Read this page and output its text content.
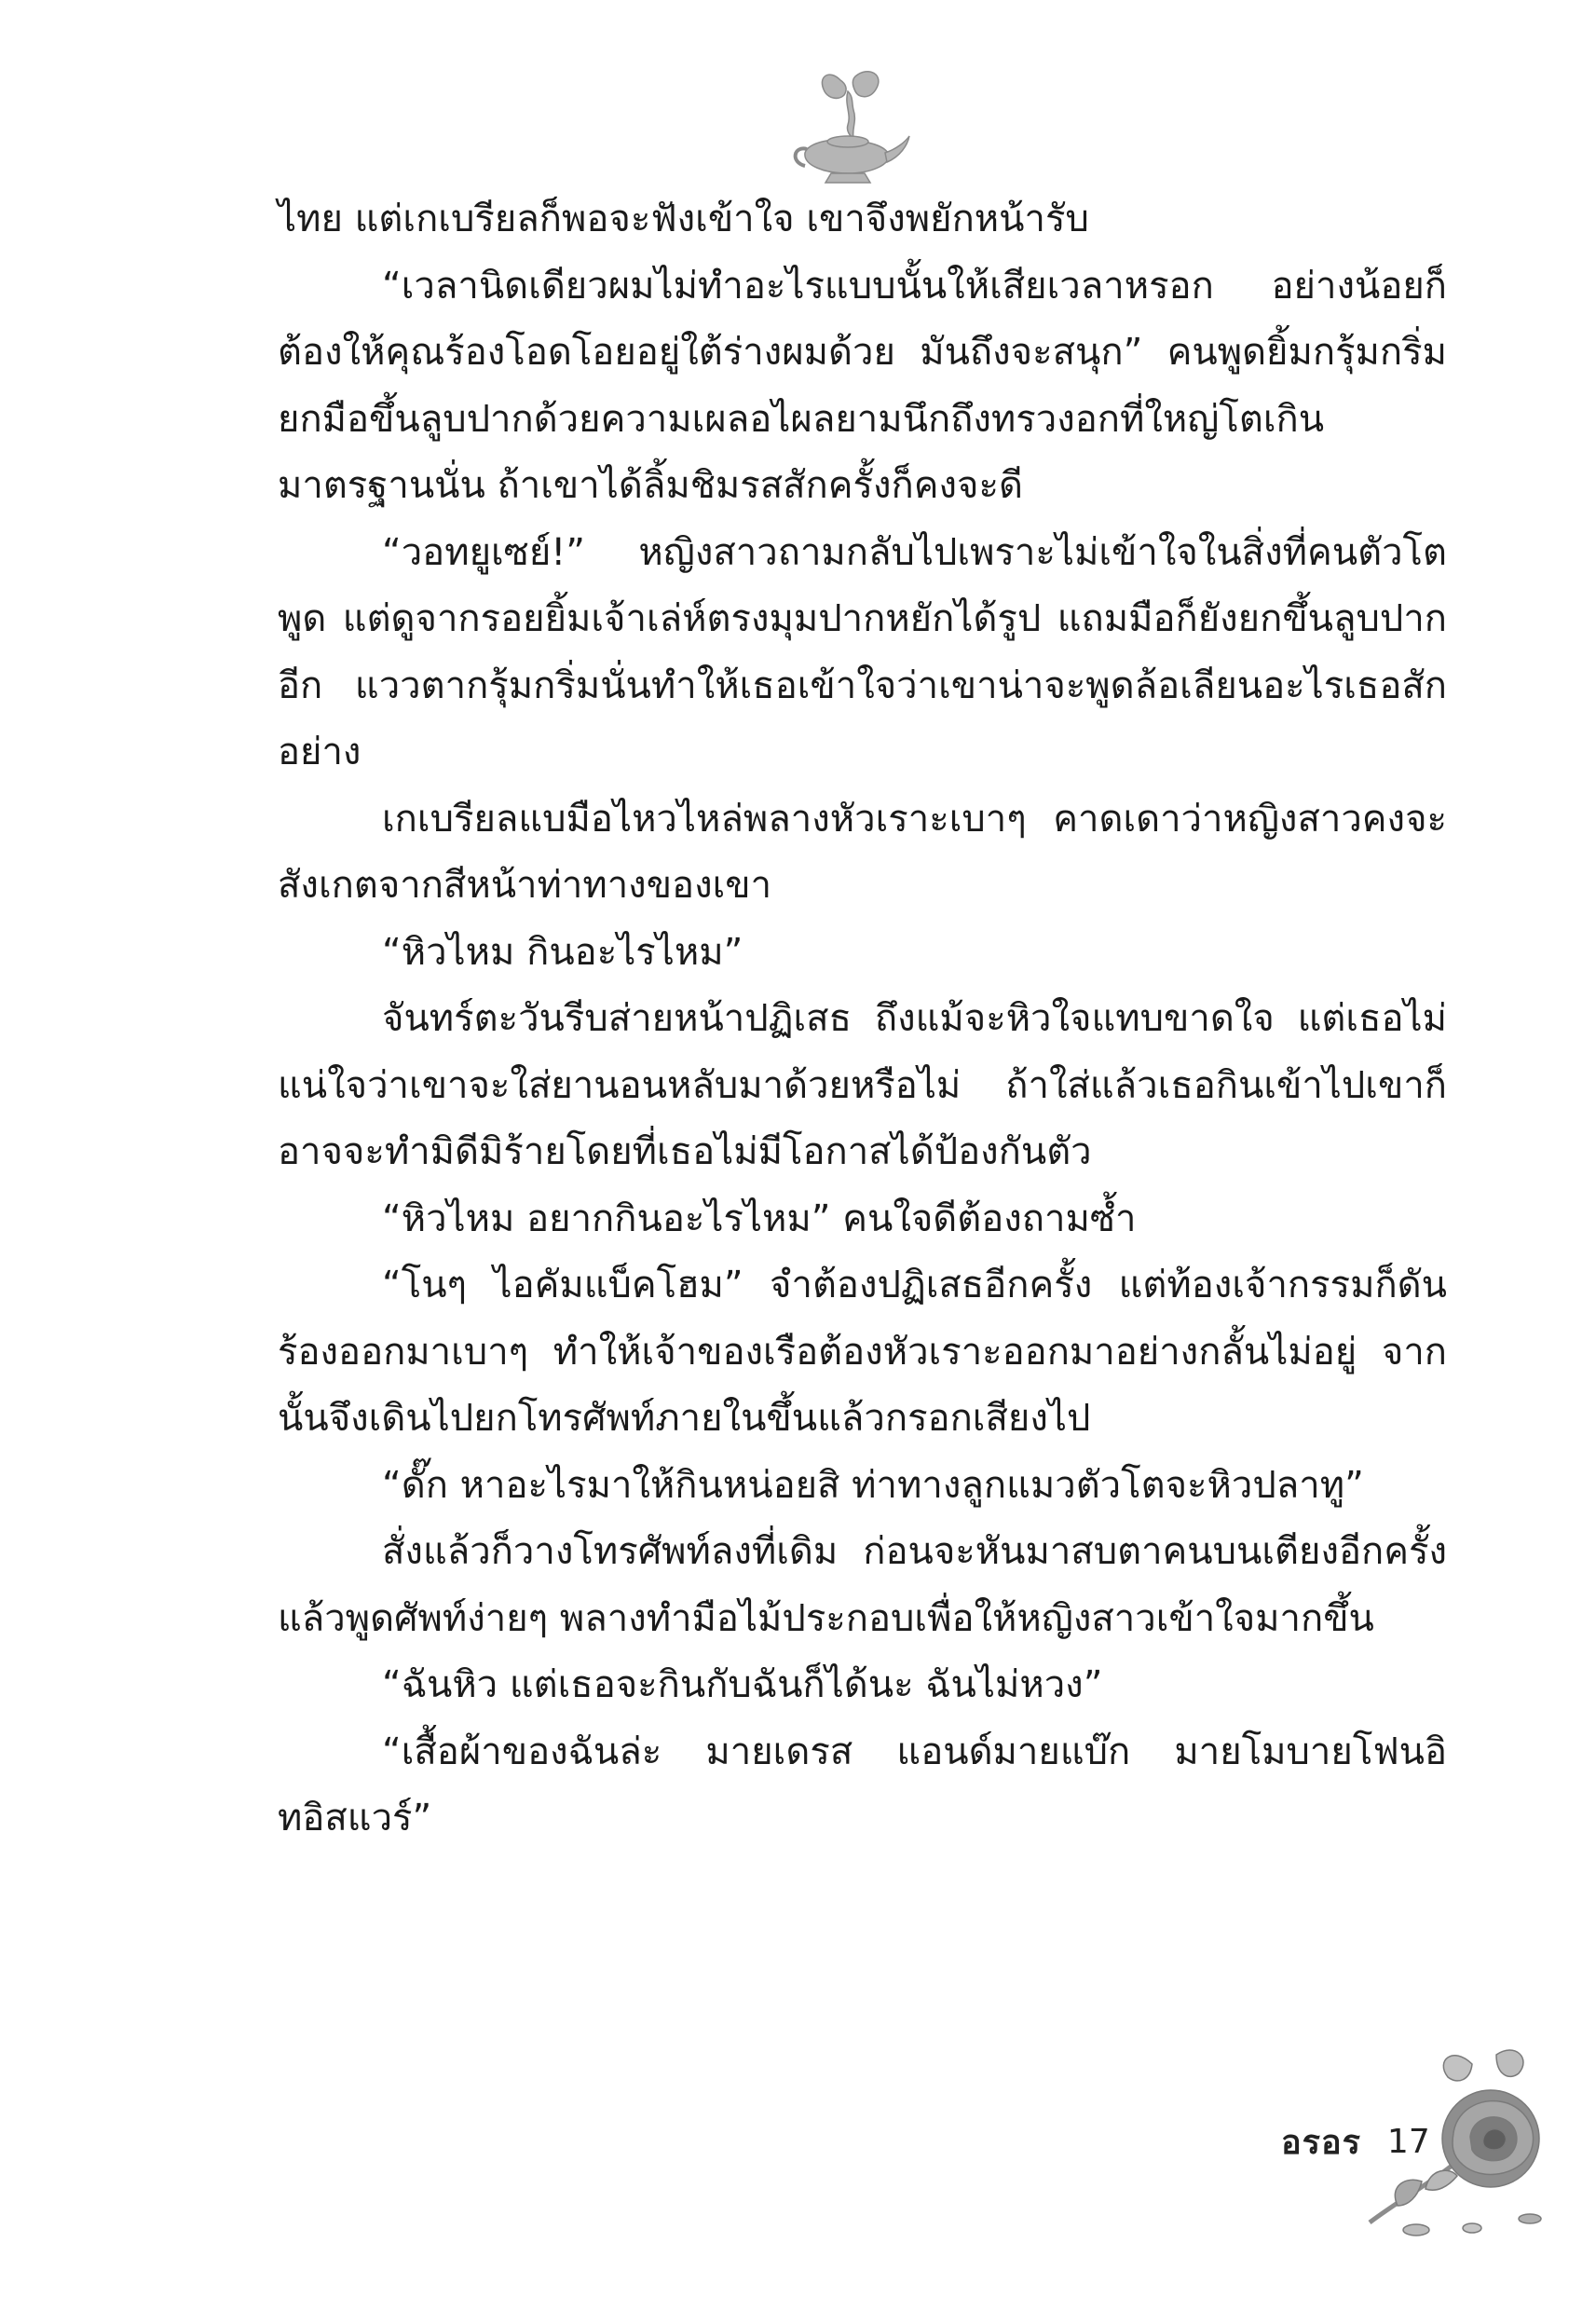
ไทย แต่เกเบรียลก็พอจะฟังเข้าใจ เขาจึงพยักหน้ารับ

“เวลานิดเดียวผมไม่ทำอะไรแบบนั้นให้เสียเวลาหรอก อย่างน้อยก็ต้องให้คุณร้องโอดโอยอยู่ใต้ร่างผมด้วย มันถึงจะสนุก” คนพูดยิ้มกรุ้มกริ่ม ยกมือขึ้นลูบปากด้วยความเผลอไผลยามนึกถึงทรวงอกที่ใหญ่โตเกินมาตรฐานนั่น ถ้าเขาได้ลิ้มชิมรสสักครั้งก็คงจะดี

“วอทยูเซย์!” หญิงสาวถามกลับไปเพราะไม่เข้าใจในสิ่งที่คนตัวโตพูด แต่ดูจากรอยยิ้มเจ้าเล่ห์ตรงมุมปากหยักได้รูป แถมมือก็ยังยกขึ้นลูบปากอีก แววตากรุ้มกริ่มนั่นทำให้เธอเข้าใจว่าเขาน่าจะพูดล้อเลียนอะไรเธอสักอย่าง

เกเบรียลแบมือไหวไหล่พลางหัวเราะเบาๆ คาดเดาว่าหญิงสาวคงจะสังเกตจากสีหน้าท่าทางของเขา

“หิวไหม กินอะไรไหม”

จันทร์ตะวันรีบส่ายหน้าปฏิเสธ ถึงแม้จะหิวใจแทบขาดใจ แต่เธอไม่แน่ใจว่าเขาจะใส่ยานอนหลับมาด้วยหรือไม่ ถ้าใส่แล้วเธอกินเข้าไปเขาก็อาจจะทำมิดีมิร้ายโดยที่เธอไม่มีโอกาสได้ป้องกันตัว

“หิวไหม อยากกินอะไรไหม” คนใจดีต้องถามซ้ำ

“โนๆ ไอคัมแบ็คโฮม” จำต้องปฏิเสธอีกครั้ง แต่ท้องเจ้ากรรมก็ดันร้องออกมาเบาๆ ทำให้เจ้าของเรือต้องหัวเราะออกมาอย่างกลั้นไม่อยู่ จากนั้นจึงเดินไปยกโทรศัพท์ภายในขึ้นแล้วกรอกเสียงไป

“ดั๊ก หาอะไรมาให้กินหน่อยสิ ท่าทางลูกแมวตัวโตจะหิวปลาทู”

สั่งแล้วก็วางโทรศัพท์ลงที่เดิม ก่อนจะหันมาสบตาคนบนเตียงอีกครั้งแล้วพูดศัพท์ง่ายๆ พลางทำมือไม้ประกอบเพื่อให้หญิงสาวเข้าใจมากขึ้น

“ฉันหิว แต่เธอจะกินกับฉันก็ได้นะ ฉันไม่หวง”

“เสื้อผ้าของฉันล่ะ มายเดรส แอนด์มายแบ๊ก มายโมบายโฟนอิทอิสแวร์”

อรอร 17
